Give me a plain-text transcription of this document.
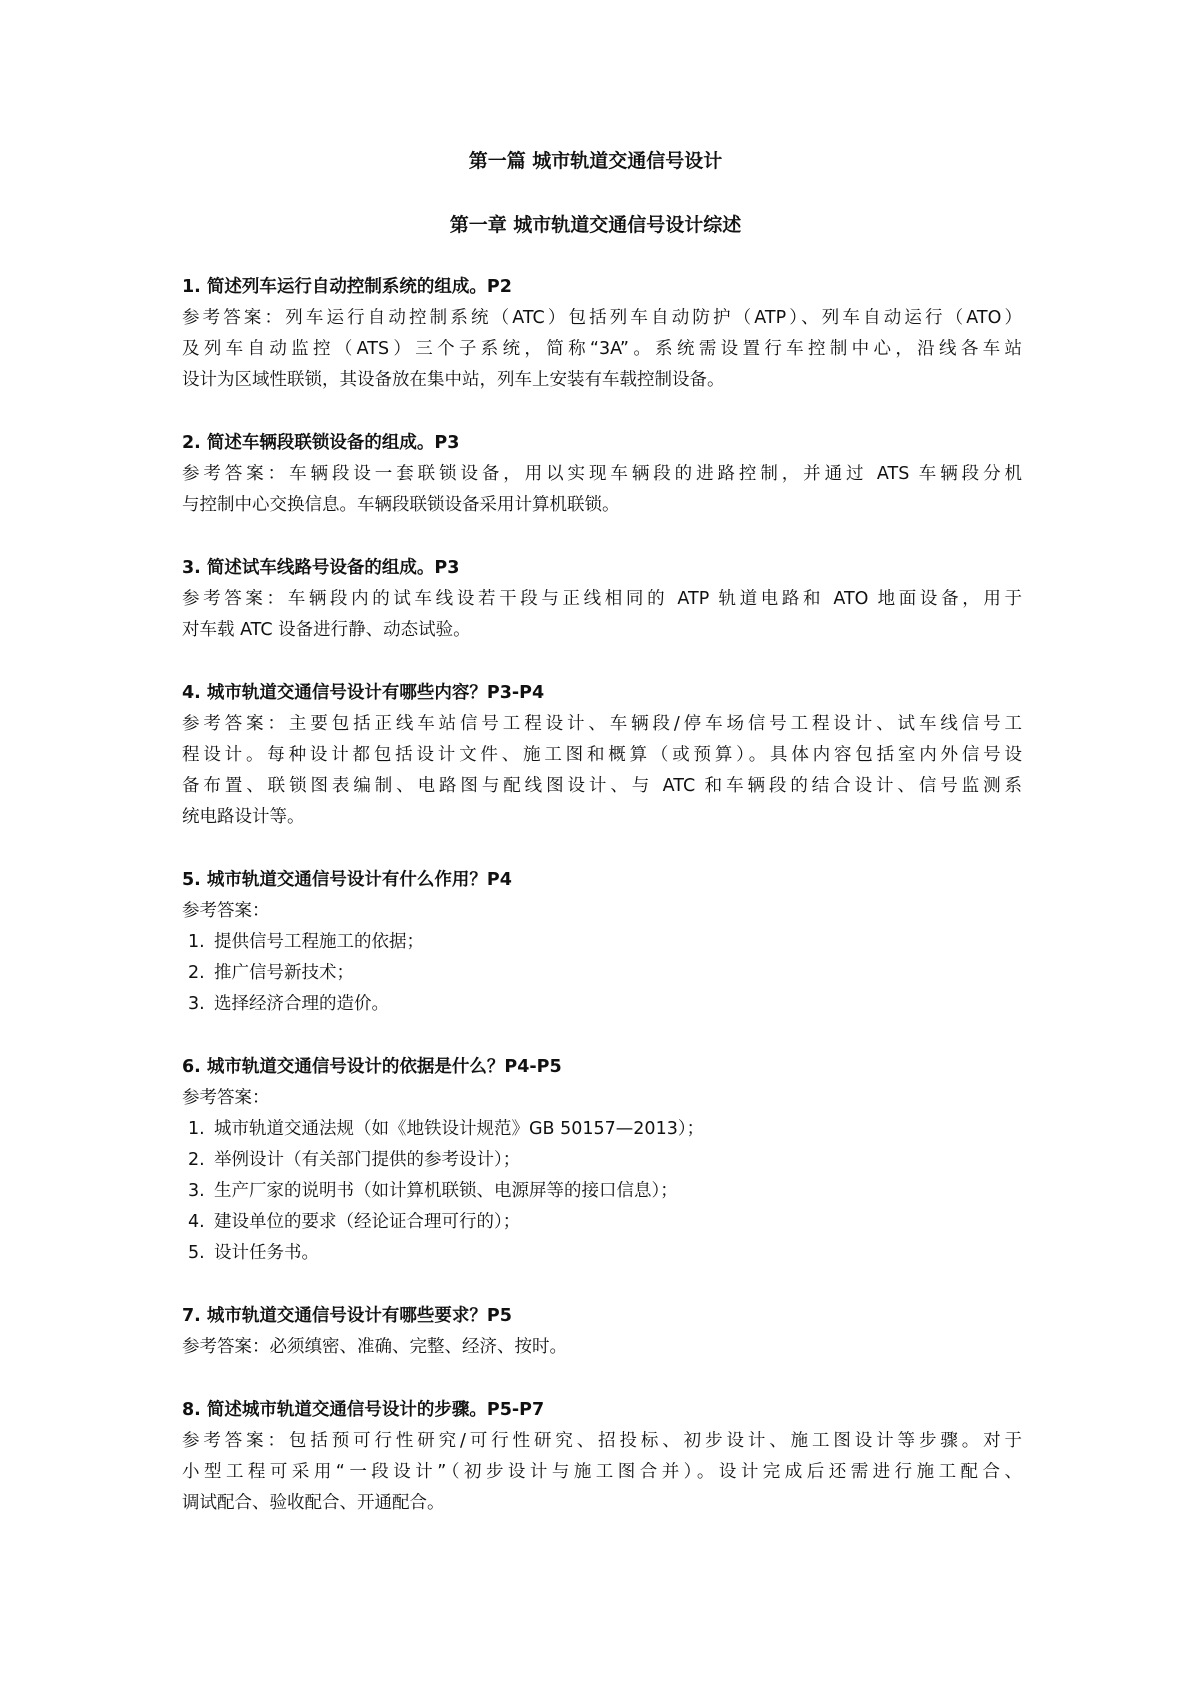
第一篇 城市轨道交通信号设计
第一章 城市轨道交通信号设计综述
1. 简述列车运行自动控制系统的组成。P2
参考答案：列车运行自动控制系统（ATC）包括列车自动防护（ATP）、列车自动运行（ATO）
及列车自动监控（ATS）三个子系统，简称“3A”。系统需设置行车控制中心，沿线各车站
设计为区域性联锁，其设备放在集中站，列车上安装有车载控制设备。
2. 简述车辆段联锁设备的组成。P3
参考答案：车辆段设一套联锁设备，用以实现车辆段的进路控制，并通过 ATS 车辆段分机
与控制中心交换信息。车辆段联锁设备采用计算机联锁。
3. 简述试车线路号设备的组成。P3
参考答案：车辆段内的试车线设若干段与正线相同的 ATP 轨道电路和 ATO 地面设备，用于
对车载 ATC 设备进行静、动态试验。
4. 城市轨道交通信号设计有哪些内容？P3-P4
参考答案：主要包括正线车站信号工程设计、车辆段/停车场信号工程设计、试车线信号工
程设计。每种设计都包括设计文件、施工图和概算（或预算）。具体内容包括室内外信号设
备布置、联锁图表编制、电路图与配线图设计、与 ATC 和车辆段的结合设计、信号监测系
统电路设计等。
5. 城市轨道交通信号设计有什么作用？P4
参考答案：
1. 提供信号工程施工的依据；
2. 推广信号新技术；
3. 选择经济合理的造价。
6. 城市轨道交通信号设计的依据是什么？P4-P5
参考答案：
1. 城市轨道交通法规（如《地铁设计规范》GB 50157—2013）；
2. 举例设计（有关部门提供的参考设计）；
3. 生产厂家的说明书（如计算机联锁、电源屏等的接口信息）；
4. 建设单位的要求（经论证合理可行的）；
5. 设计任务书。
7. 城市轨道交通信号设计有哪些要求？P5
参考答案：必须缜密、准确、完整、经济、按时。
8. 简述城市轨道交通信号设计的步骤。P5-P7
参考答案：包括预可行性研究/可行性研究、招投标、初步设计、施工图设计等步骤。对于
小型工程可采用“一段设计”（初步设计与施工图合并）。设计完成后还需进行施工配合、
调试配合、验收配合、开通配合。
